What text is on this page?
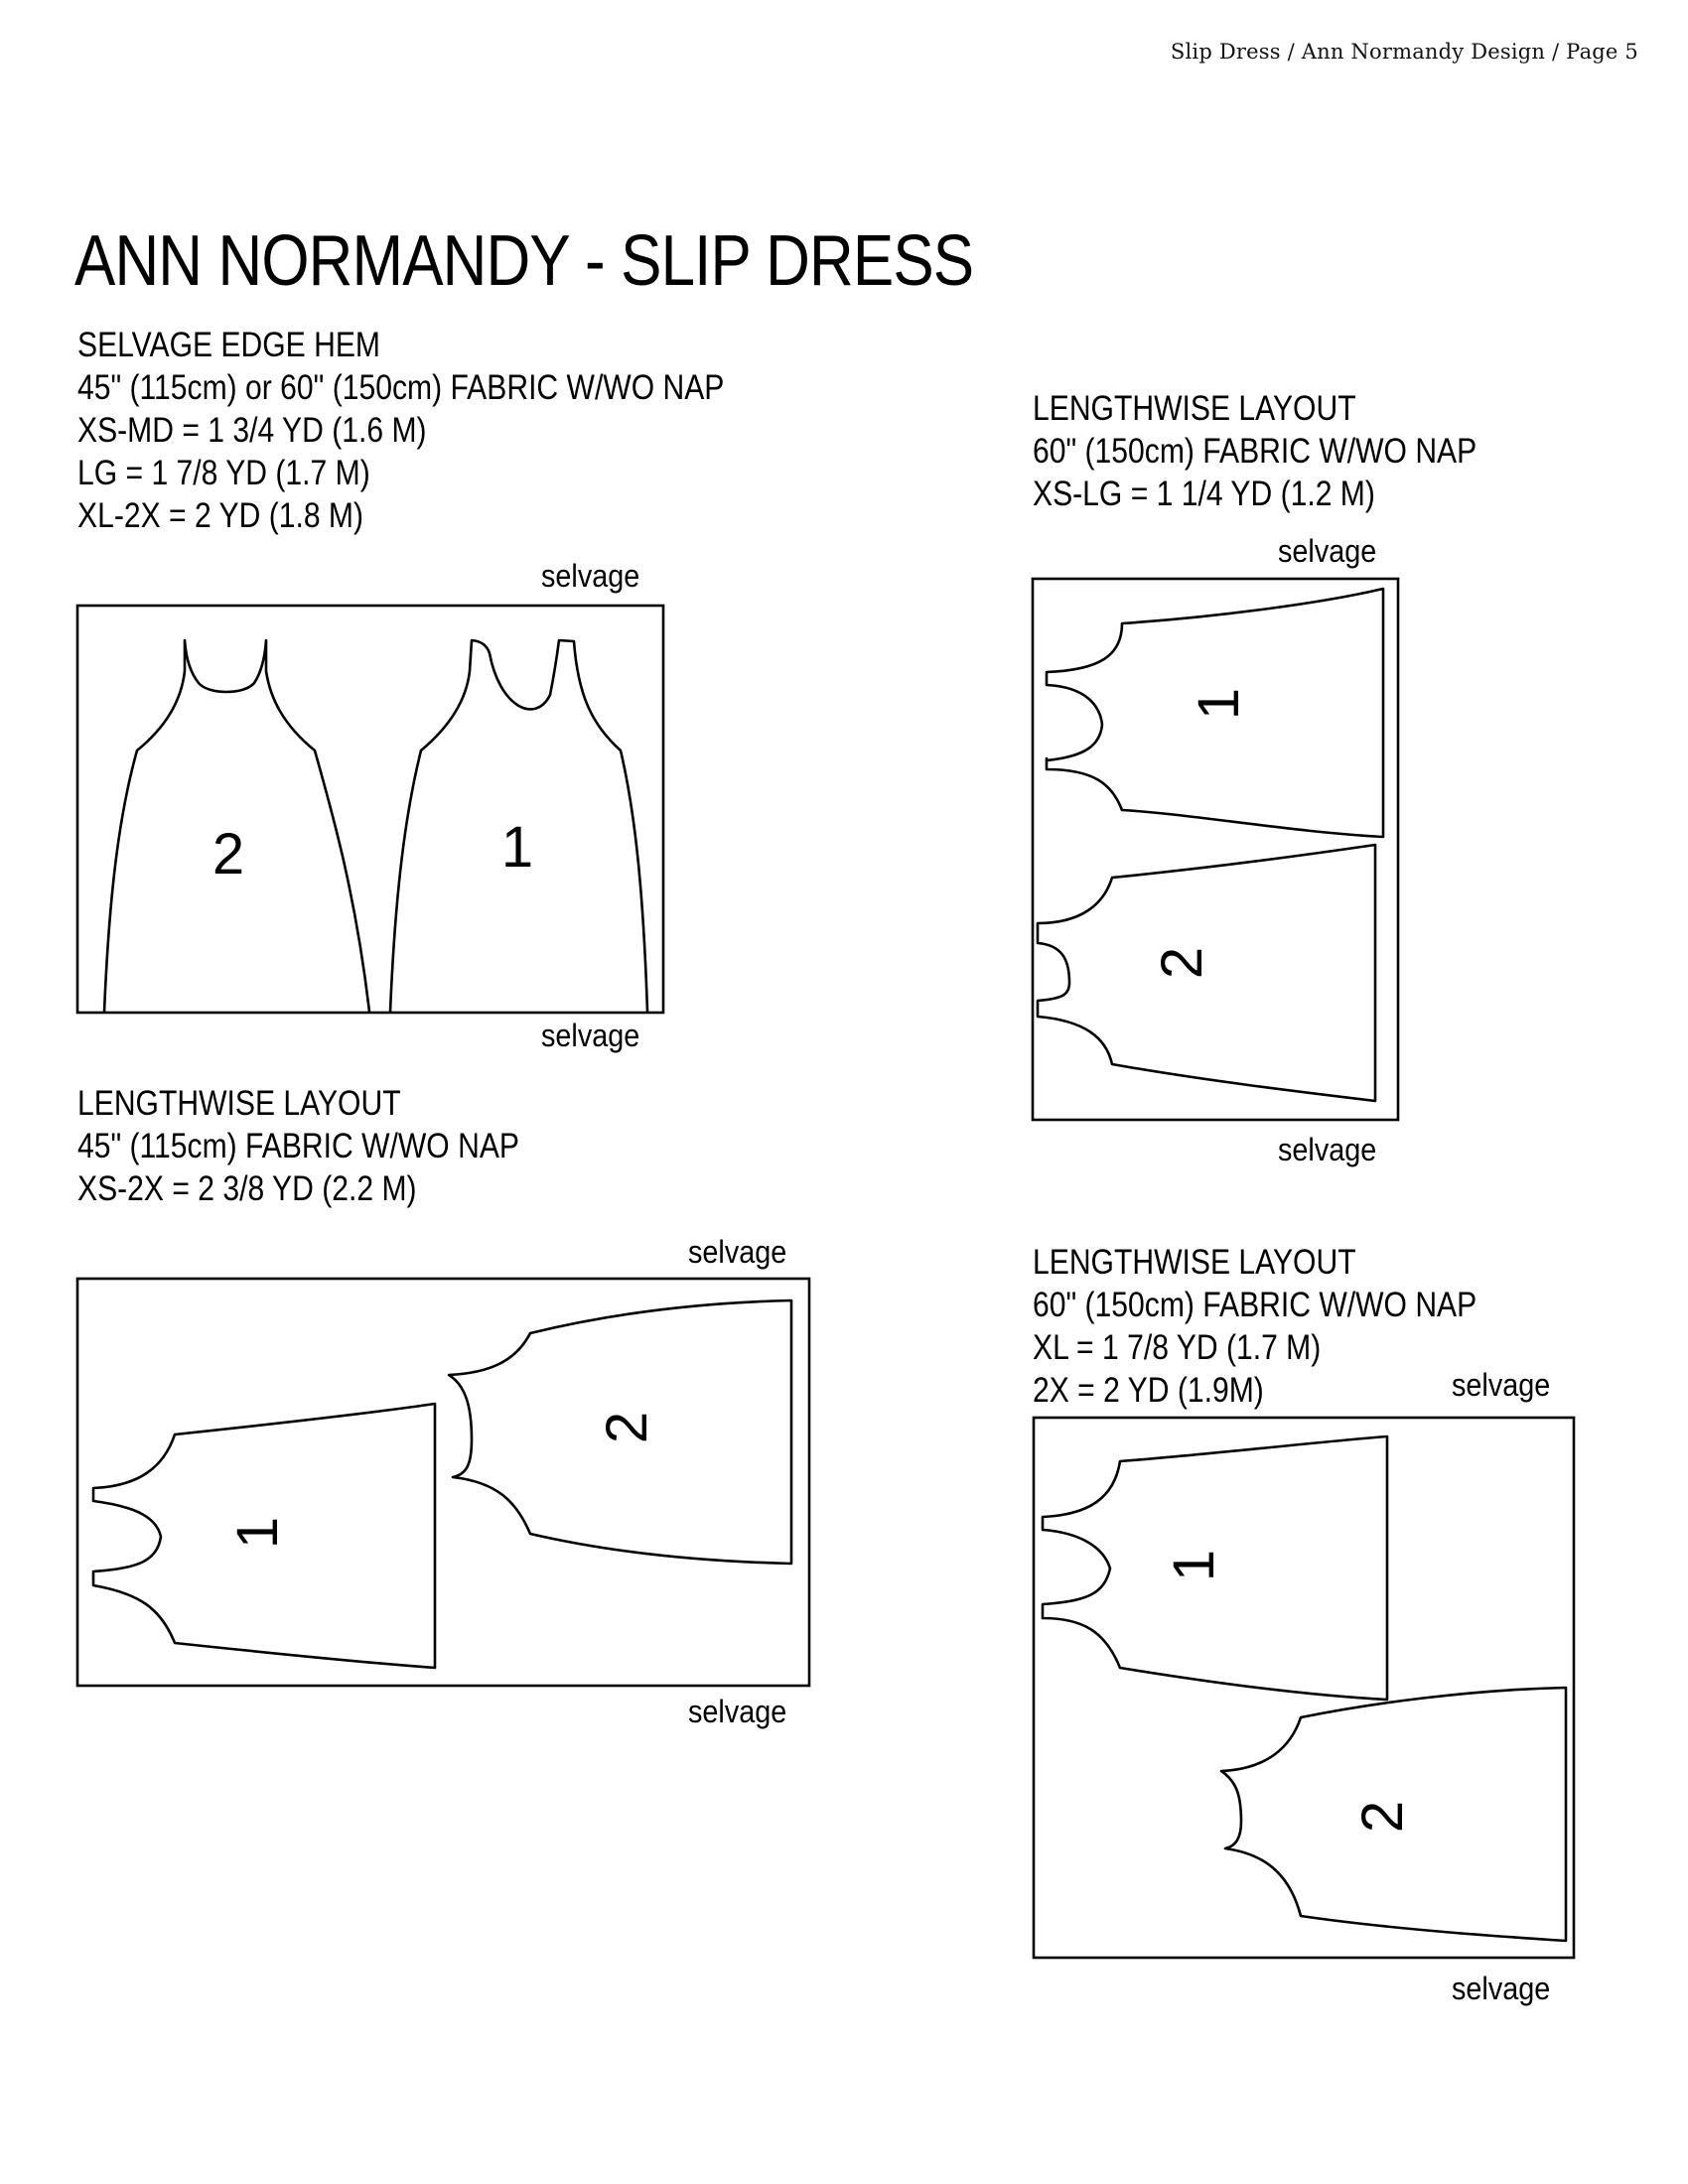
Slip Dress / Ann Normandy Design / Page 5
ANN NORMANDY - SLIP DRESS
SELVAGE EDGE HEM
45" (115cm) or 60" (150cm) FABRIC W/WO NAP
XS-MD = 1 3/4 YD (1.6 M)
LG = 1 7/8 YD (1.7 M)
XL-2X = 2 YD (1.8 M)
selvage
selvage
LENGTHWISE LAYOUT
60" (150cm) FABRIC W/WO NAP
XS-LG = 1 1/4 YD (1.2 M)
selvage
selvage
LENGTHWISE LAYOUT
45" (115cm) FABRIC W/WO NAP
XS-2X = 2 3/8 YD (2.2 M)
selvage
selvage
LENGTHWISE LAYOUT
60" (150cm) FABRIC W/WO NAP
XL = 1 7/8 YD (1.7 M)
2X = 2 YD (1.9M)	selvage
selvage
2	1
1
2
1
2
1
2
